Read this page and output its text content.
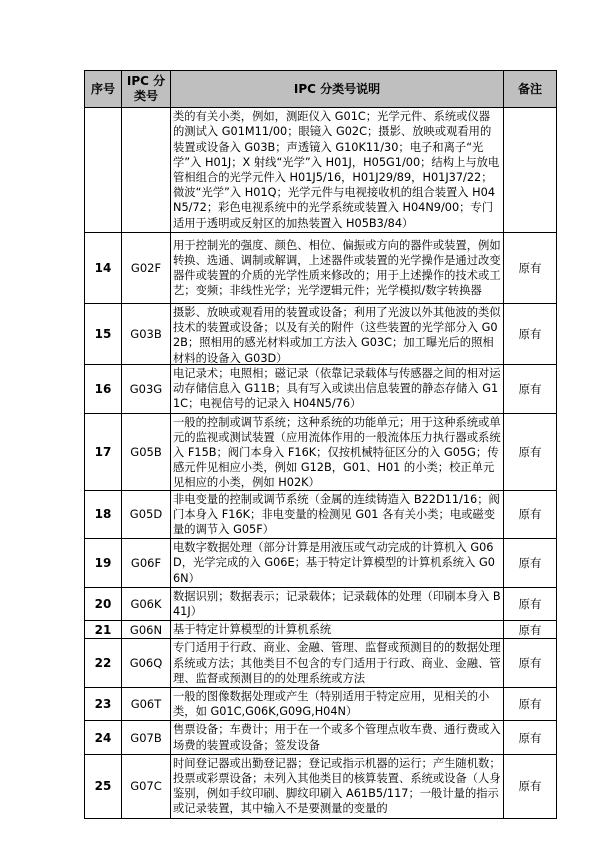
序号	IPC 分类号	IPC 分类号说明	备注

		类的有关小类，例如，测距仪入 G01C；光学元件、系统或仪器的测试入 G01M11/00；眼镜入 G02C；摄影、放映或观看用的装置或设备入 G03B；声透镜入 G10K11/30；电子和离子“光学”入 H01J；X 射线“光学”入 H01J，H05G1/00；结构上与放电管相组合的光学元件入 H01J5/16，H01J29/89，H01J37/22；微波“光学”入 H01Q；光学元件与电视接收机的组合装置入 H04N5/72；彩色电视系统中的光学系统或装置入 H04N9/00；专门适用于透明或反射区的加热装置入 H05B3/84）	

14	G02F	用于控制光的强度、颜色、相位、偏振或方向的器件或装置，例如转换、选通、调制或解调，上述器件或装置的光学操作是通过改变器件或装置的介质的光学性质来修改的；用于上述操作的技术或工艺；变频；非线性光学；光学逻辑元件；光学模拟/数字转换器	原有
15	G03B	摄影、放映或观看用的装置或设备；利用了光波以外其他波的类似技术的装置或设备；以及有关的附件（这些装置的光学部分入 G02B；照相用的感光材料或加工方法入 G03C；加工曝光后的照相材料的设备入 G03D）	原有
16	G03G	电记录术；电照相；磁记录（依靠记录载体与传感器之间的相对运动存储信息入 G11B；具有写入或读出信息装置的静态存储入 G11C；电视信号的记录入 H04N5/76）	原有
17	G05B	一般的控制或调节系统；这种系统的功能单元；用于这种系统或单元的监视或测试装置（应用流体作用的一般流体压力执行器或系统入 F15B；阀门本身入 F16K；仅按机械特征区分的入 G05G；传感元件见相应小类，例如 G12B，G01、H01 的小类；校正单元见相应的小类，例如 H02K）	原有
18	G05D	非电变量的控制或调节系统（金属的连续铸造入 B22D11/16；阀门本身入 F16K；非电变量的检测见 G01 各有关小类；电或磁变量的调节入 G05F）	原有
19	G06F	电数字数据处理（部分计算是用液压或气动完成的计算机入 G06D，光学完成的入 G06E；基于特定计算模型的计算机系统入 G06N）	原有
20	G06K	数据识别；数据表示；记录载体；记录载体的处理（印刷本身入 B41J）	原有
21	G06N	基于特定计算模型的计算机系统	原有
22	G06Q	专门适用于行政、商业、金融、管理、监督或预测目的的数据处理系统或方法；其他类目不包含的专门适用于行政、商业、金融、管理、监督或预测目的的处理系统或方法	原有
23	G06T	一般的图像数据处理或产生（特别适用于特定应用，见相关的小类，如 G01C,G06K,G09G,H04N）	原有
24	G07B	售票设备；车费计；用于在一个或多个管理点收车费、通行费或入场费的装置或设备；签发设备	原有
25	G07C	时间登记器或出勤登记器；登记或指示机器的运行；产生随机数；投票或彩票设备；未列入其他类目的核算装置、系统或设备（人身鉴别，例如手纹印刷、脚纹印刷入 A61B5/117；一般计量的指示或记录装置，其中输入不是要测量的变量的	原有
